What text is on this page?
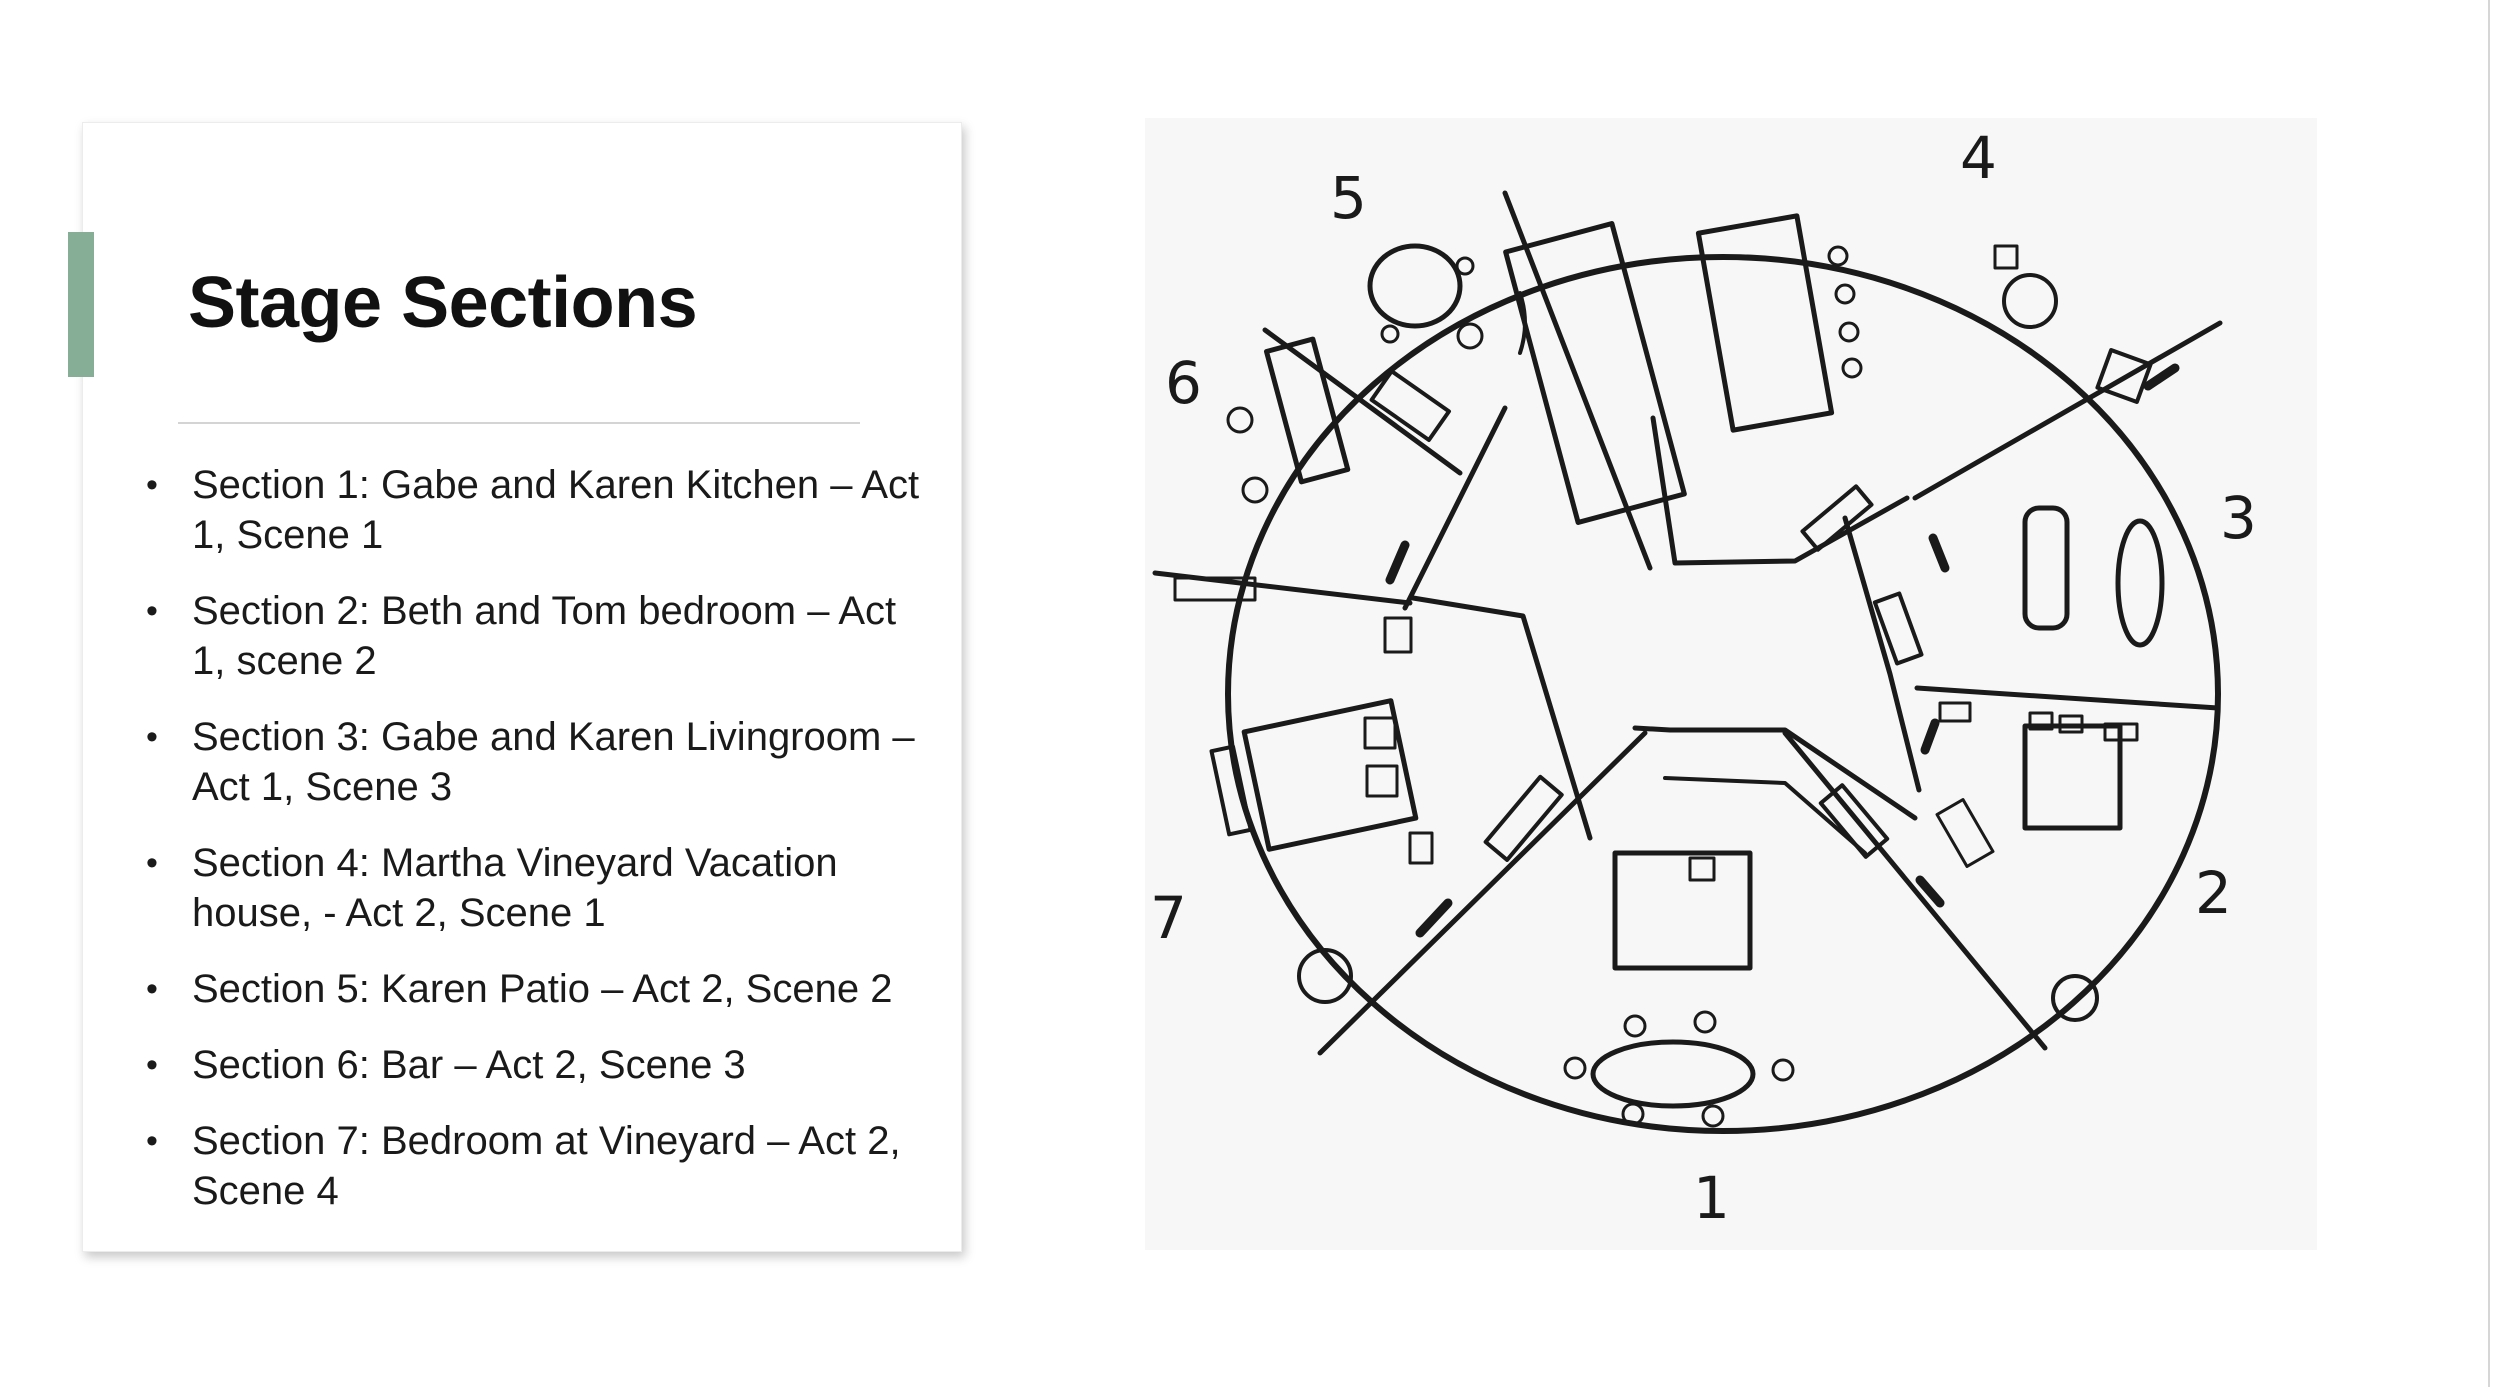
Stage Sections
• Section 1: Gabe and Karen Kitchen – Act 1, Scene 1
• Section 2: Beth and Tom bedroom – Act 1, scene 2
• Section 3: Gabe and Karen Livingroom – Act 1, Scene 3
• Section 4: Martha Vineyard Vacation house, - Act 2, Scene 1
• Section 5: Karen Patio – Act 2, Scene 2
• Section 6: Bar – Act 2, Scene 3
• Section 7: Bedroom at Vineyard – Act 2, Scene 4	1
2
3
4
5
6
7
